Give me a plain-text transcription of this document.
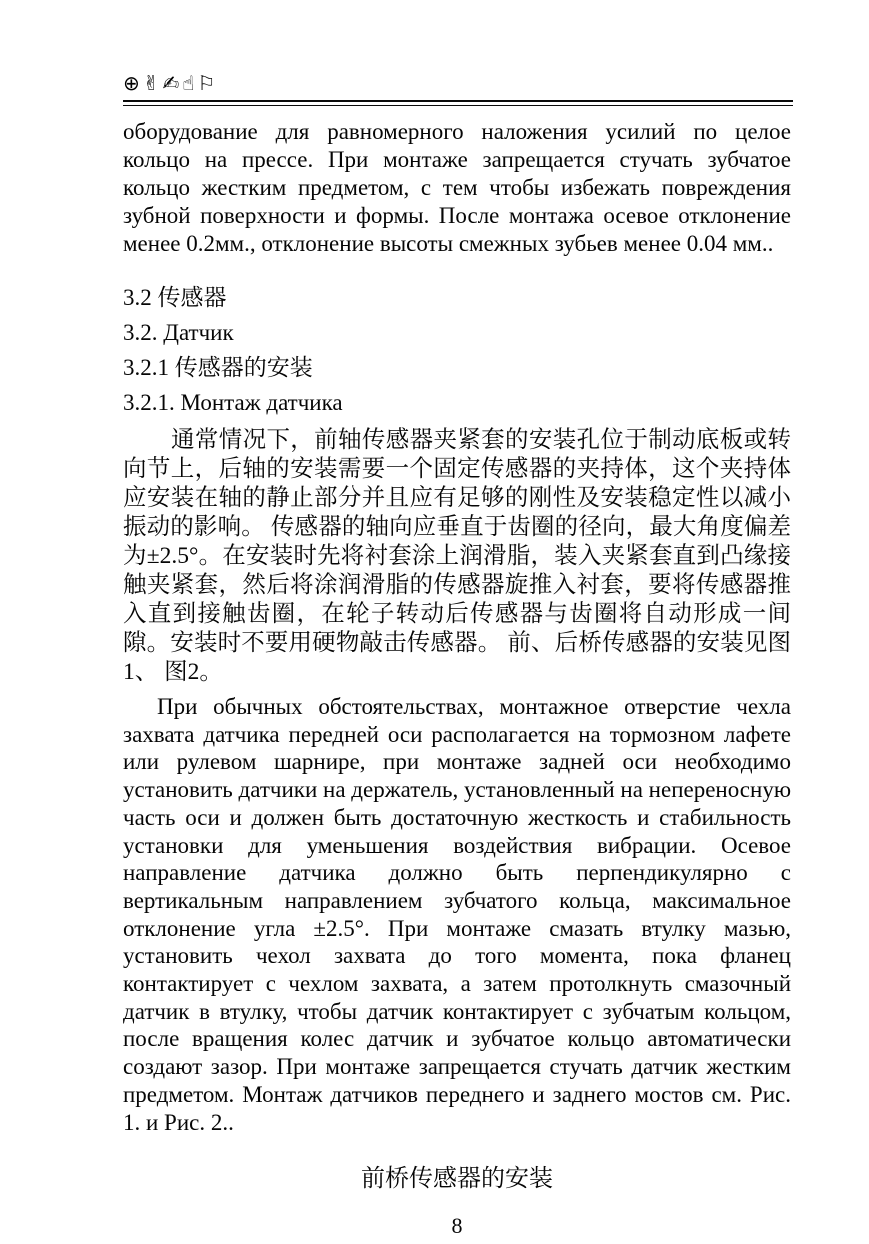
⊕✌✍☝⚐

оборудование для равномерного наложения усилий по целое кольцо на прессе. При монтаже запрещается стучать зубчатое кольцо жестким предметом, с тем чтобы избежать повреждения зубной поверхности и формы. После монтажа осевое отклонение менее 0.2мм., отклонение высоты смежных зубьев менее 0.04 мм..

3.2 传感器
3.2. Датчик
3.2.1 传感器的安装
3.2.1. Монтаж датчика

通常情况下，前轴传感器夹紧套的安装孔位于制动底板或转向节上，后轴的安装需要一个固定传感器的夹持体，这个夹持体应安装在轴的静止部分并且应有足够的刚性及安装稳定性以减小振动的影响。 传感器的轴向应垂直于齿圈的径向，最大角度偏差为±2.5°。在安装时先将衬套涂上润滑脂，装入夹紧套直到凸缘接触夹紧套，然后将涂润滑脂的传感器旋推入衬套，要将传感器推入直到接触齿圈，在轮子转动后传感器与齿圈将自动形成一间隙。安装时不要用硬物敲击传感器。 前、后桥传感器的安装见图1、 图2。

При обычных обстоятельствах, монтажное отверстие чехла захвата датчика передней оси располагается на тормозном лафете или рулевом шарнире, при монтаже задней оси необходимо установить датчики на держатель, установленный на непереносную часть оси и должен быть достаточную жесткость и стабильность установки для уменьшения воздействия вибрации. Осевое направление датчика должно быть перпендикулярно с вертикальным направлением зубчатого кольца, максимальное отклонение угла ±2.5°. При монтаже смазать втулку мазью, установить чехол захвата до того момента, пока фланец контактирует с чехлом захвата, а затем протолкнуть смазочный датчик в втулку, чтобы датчик контактирует с зубчатым кольцом, после вращения колес датчик и зубчатое кольцо автоматически создают зазор. При монтаже запрещается стучать датчик жестким предметом. Монтаж датчиков переднего и заднего мостов см. Рис. 1. и Рис. 2..

前桥传感器的安装
8
